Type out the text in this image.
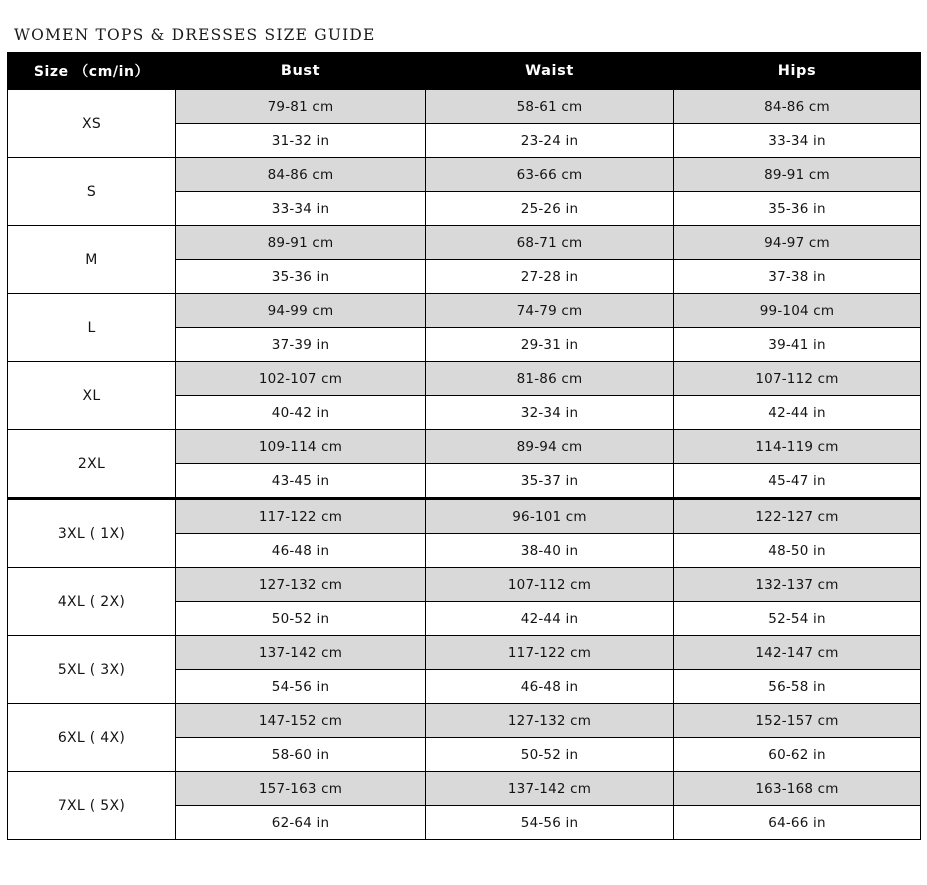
WOMEN TOPS & DRESSES SIZE GUIDE
Size （cm/in）	Bust	Waist	Hips
XS	79-81 cm	58-61 cm	84-86 cm
	31-32 in	23-24 in	33-34 in
S	84-86 cm	63-66 cm	89-91 cm
	33-34 in	25-26 in	35-36 in
M	89-91 cm	68-71 cm	94-97 cm
	35-36 in	27-28 in	37-38 in
L	94-99 cm	74-79 cm	99-104 cm
	37-39 in	29-31 in	39-41 in
XL	102-107 cm	81-86 cm	107-112 cm
	40-42 in	32-34 in	42-44 in
2XL	109-114 cm	89-94 cm	114-119 cm
	43-45 in	35-37 in	45-47 in
3XL ( 1X)	117-122 cm	96-101 cm	122-127 cm
	46-48 in	38-40 in	48-50 in
4XL ( 2X)	127-132 cm	107-112 cm	132-137 cm
	50-52 in	42-44 in	52-54 in
5XL ( 3X)	137-142 cm	117-122 cm	142-147 cm
	54-56 in	46-48 in	56-58 in
6XL ( 4X)	147-152 cm	127-132 cm	152-157 cm
	58-60 in	50-52 in	60-62 in
7XL ( 5X)	157-163 cm	137-142 cm	163-168 cm
	62-64 in	54-56 in	64-66 in
